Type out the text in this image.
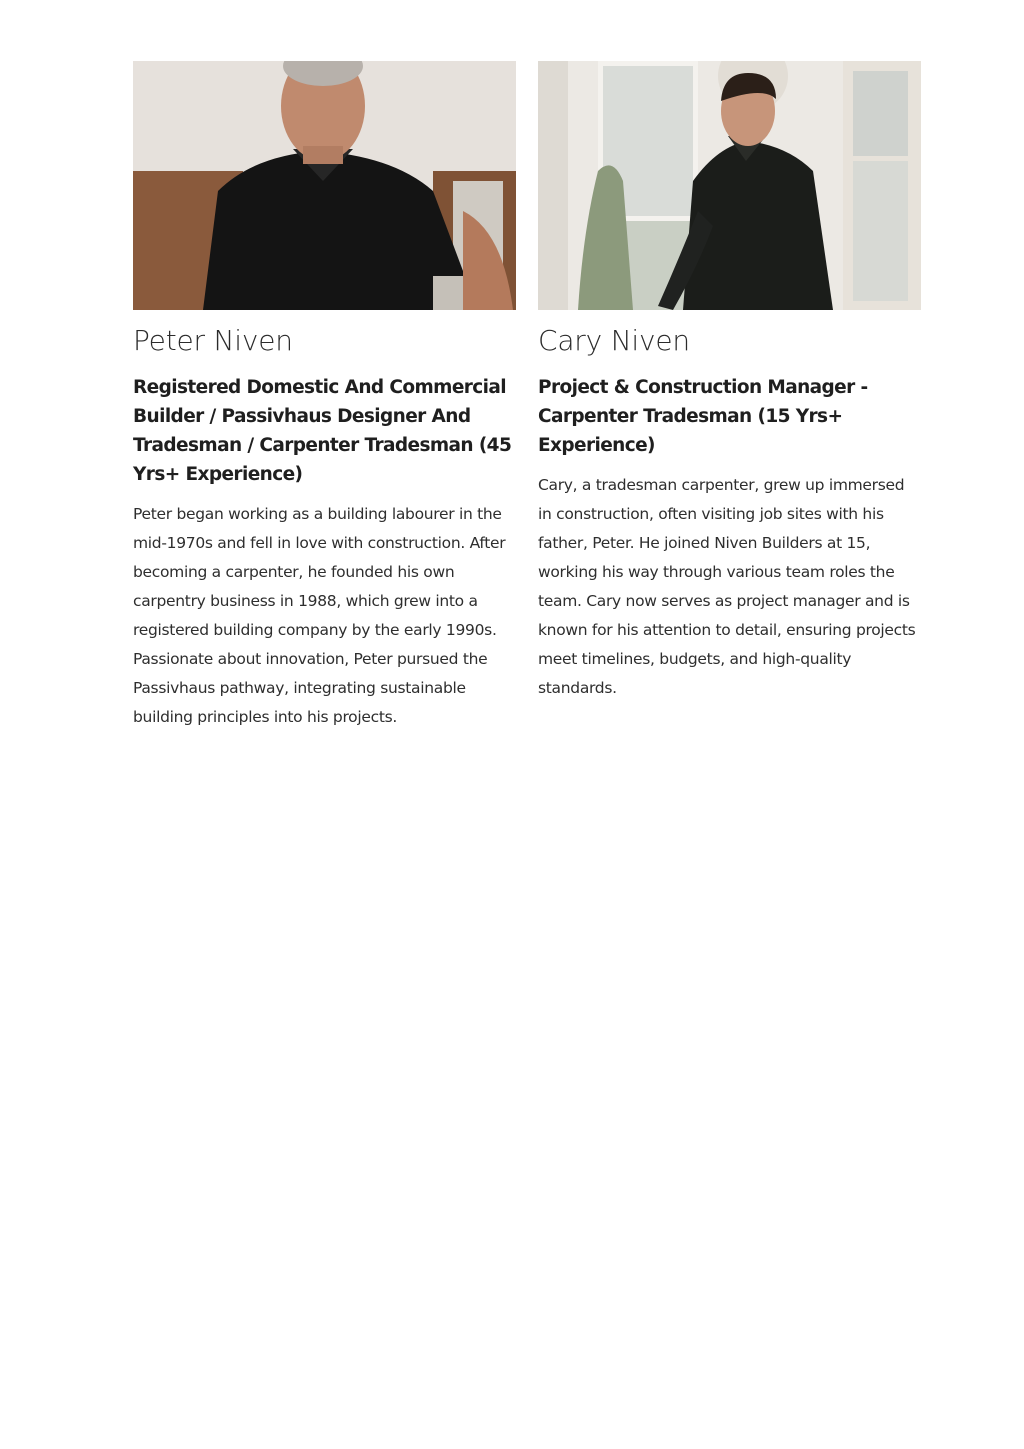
Peter Niven
Registered Domestic And Commercial Builder / Passivhaus Designer And Tradesman / Carpenter Tradesman (45 Yrs+ Experience)
Peter began working as a building labourer in the mid-1970s and fell in love with construction. After becoming a carpenter, he founded his own carpentry business in 1988, which grew into a registered building company by the early 1990s. Passionate about innovation, Peter pursued the Passivhaus pathway, integrating sustainable building principles into his projects.
Cary Niven
Project & Construction Manager - Carpenter Tradesman (15 Yrs+ Experience)
Cary, a tradesman carpenter, grew up immersed in construction, often visiting job sites with his father, Peter. He joined Niven Builders at 15, working his way through various team roles the team. Cary now serves as project manager and is known for his attention to detail, ensuring projects meet timelines, budgets, and high-quality standards.
